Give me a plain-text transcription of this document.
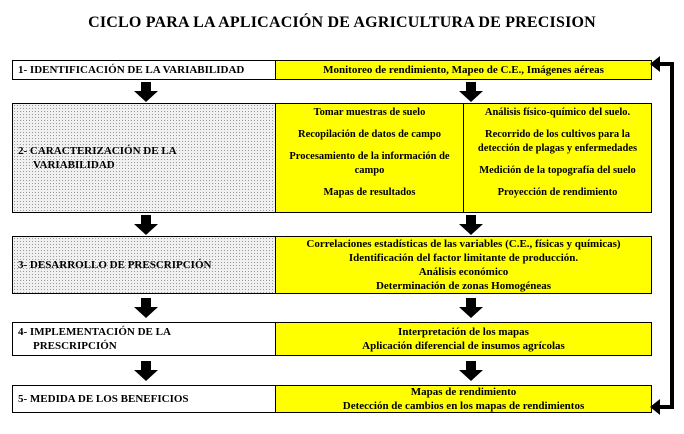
CICLO PARA LA APLICACIÓN DE AGRICULTURA DE PRECISION
1- IDENTIFICACIÓN DE LA VARIABILIDAD	Monitoreo de rendimiento, Mapeo de C.E., Imágenes aéreas
2- CARACTERIZACIÓN DE LA
VARIABILIDAD

Tomar muestras de suelo

Recopilación de datos de campo

Procesamiento de la información de campo

Mapas de resultados

Análisis físico-químico del suelo.

Recorrido de los cultivos para la detección de plagas y enfermedades

Medición de la topografía del suelo

Proyección de rendimiento

3- DESARROLLO DE PRESCRIPCIÓN
Correlaciones estadísticas de las variables (C.E., físicas y químicas)
Identificación del factor limitante de producción.
Análisis económico
Determinación de zonas Homogéneas
4- IMPLEMENTACIÓN DE LA
PRESCRIPCIÓN
Interpretación de los mapas
Aplicación diferencial de insumos agrícolas
5- MEDIDA DE LOS BENEFICIOS
Mapas de rendimiento
Detección de cambios en los mapas de rendimientos
